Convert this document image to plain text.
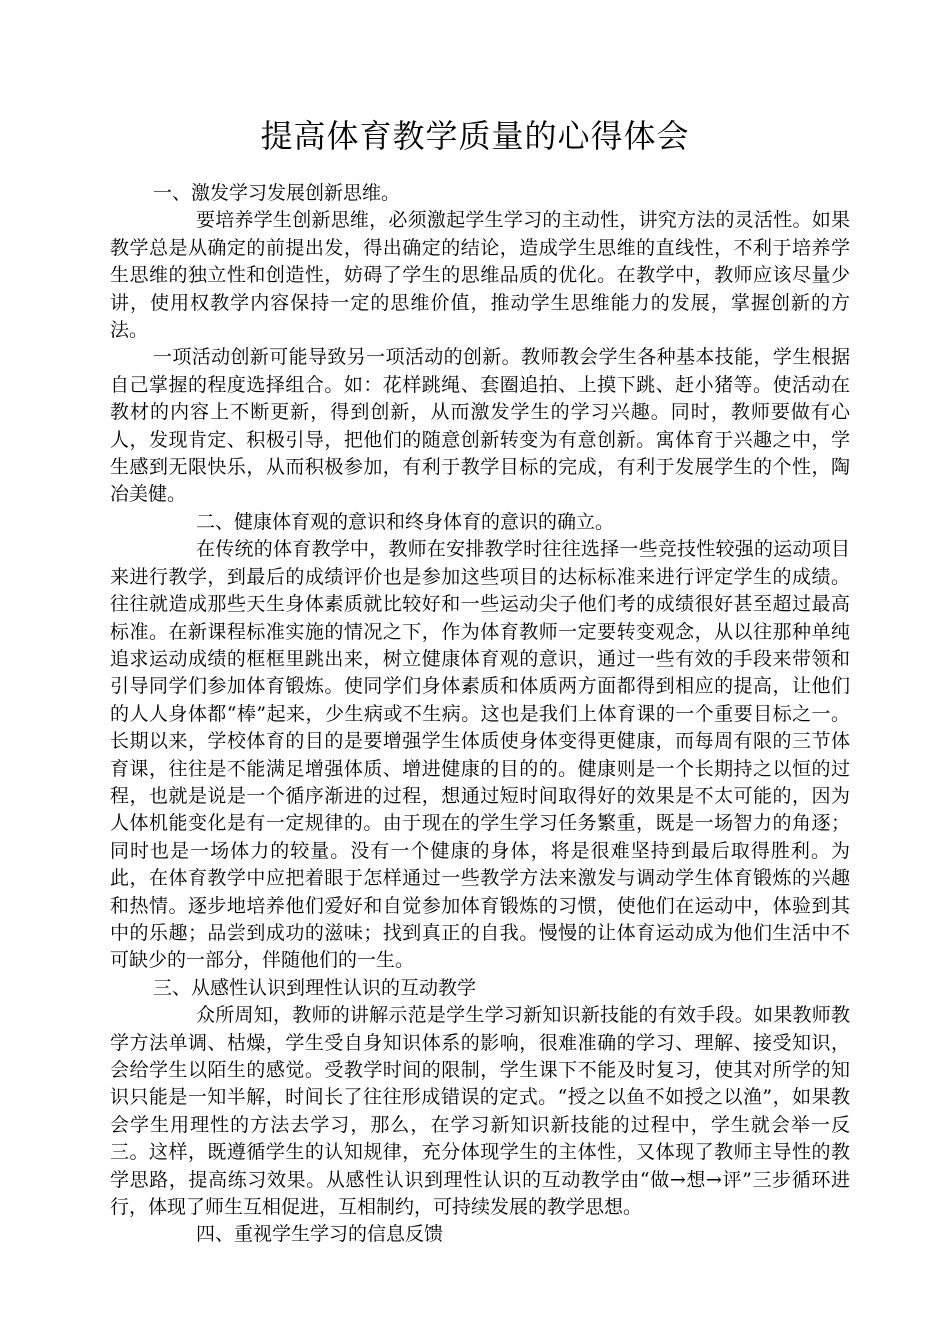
提高体育教学质量的心得体会

一、激发学习发展创新思维。

要培养学生创新思维，必须激起学生学习的主动性，讲究方法的灵活性。如果教学总是从确定的前提出发，得出确定的结论，造成学生思维的直线性，不利于培养学生思维的独立性和创造性，妨碍了学生的思维品质的优化。在教学中，教师应该尽量少讲，使用权教学内容保持一定的思维价值，推动学生思维能力的发展，掌握创新的方法。

一项活动创新可能导致另一项活动的创新。教师教会学生各种基本技能，学生根据自己掌握的程度选择组合。如：花样跳绳、套圈追拍、上摸下跳、赶小猪等。使活动在教材的内容上不断更新，得到创新，从而激发学生的学习兴趣。同时，教师要做有心人，发现肯定、积极引导，把他们的随意创新转变为有意创新。寓体育于兴趣之中，学生感到无限快乐，从而积极参加，有利于教学目标的完成，有利于发展学生的个性，陶冶美健。

二、健康体育观的意识和终身体育的意识的确立。

在传统的体育教学中，教师在安排教学时往往选择一些竞技性较强的运动项目来进行教学，到最后的成绩评价也是参加这些项目的达标标准来进行评定学生的成绩。往往就造成那些天生身体素质就比较好和一些运动尖子他们考的成绩很好甚至超过最高标准。在新课程标准实施的情况之下，作为体育教师一定要转变观念，从以往那种单纯追求运动成绩的框框里跳出来，树立健康体育观的意识，通过一些有效的手段来带领和引导同学们参加体育锻炼。使同学们身体素质和体质两方面都得到相应的提高，让他们的人人身体都“棒”起来，少生病或不生病。这也是我们上体育课的一个重要目标之一。 长期以来，学校体育的目的是要增强学生体质使身体变得更健康，而每周有限的三节体育课，往往是不能满足增强体质、增进健康的目的的。健康则是一个长期持之以恒的过程，也就是说是一个循序渐进的过程，想通过短时间取得好的效果是不太可能的，因为人体机能变化是有一定规律的。由于现在的学生学习任务繁重，既是一场智力的角逐；同时也是一场体力的较量。没有一个健康的身体，将是很难坚持到最后取得胜利。为此，在体育教学中应把着眼于怎样通过一些教学方法来激发与调动学生体育锻炼的兴趣和热情。逐步地培养他们爱好和自觉参加体育锻炼的习惯，使他们在运动中，体验到其中的乐趣；品尝到成功的滋味；找到真正的自我。慢慢的让体育运动成为他们生活中不可缺少的一部分，伴随他们的一生。

三、从感性认识到理性认识的互动教学

众所周知，教师的讲解示范是学生学习新知识新技能的有效手段。如果教师教学方法单调、枯燥，学生受自身知识体系的影响，很难准确的学习、理解、接受知识，会给学生以陌生的感觉。受教学时间的限制，学生课下不能及时复习，使其对所学的知识只能是一知半解，时间长了往往形成错误的定式。“授之以鱼不如授之以渔”，如果教会学生用理性的方法去学习，那么，在学习新知识新技能的过程中，学生就会举一反三。这样，既遵循学生的认知规律，充分体现学生的主体性，又体现了教师主导性的教学思路，提高练习效果。从感性认识到理性认识的互动教学由“做→想→评”三步循环进行，体现了师生互相促进，互相制约，可持续发展的教学思想。

四、重视学生学习的信息反馈
